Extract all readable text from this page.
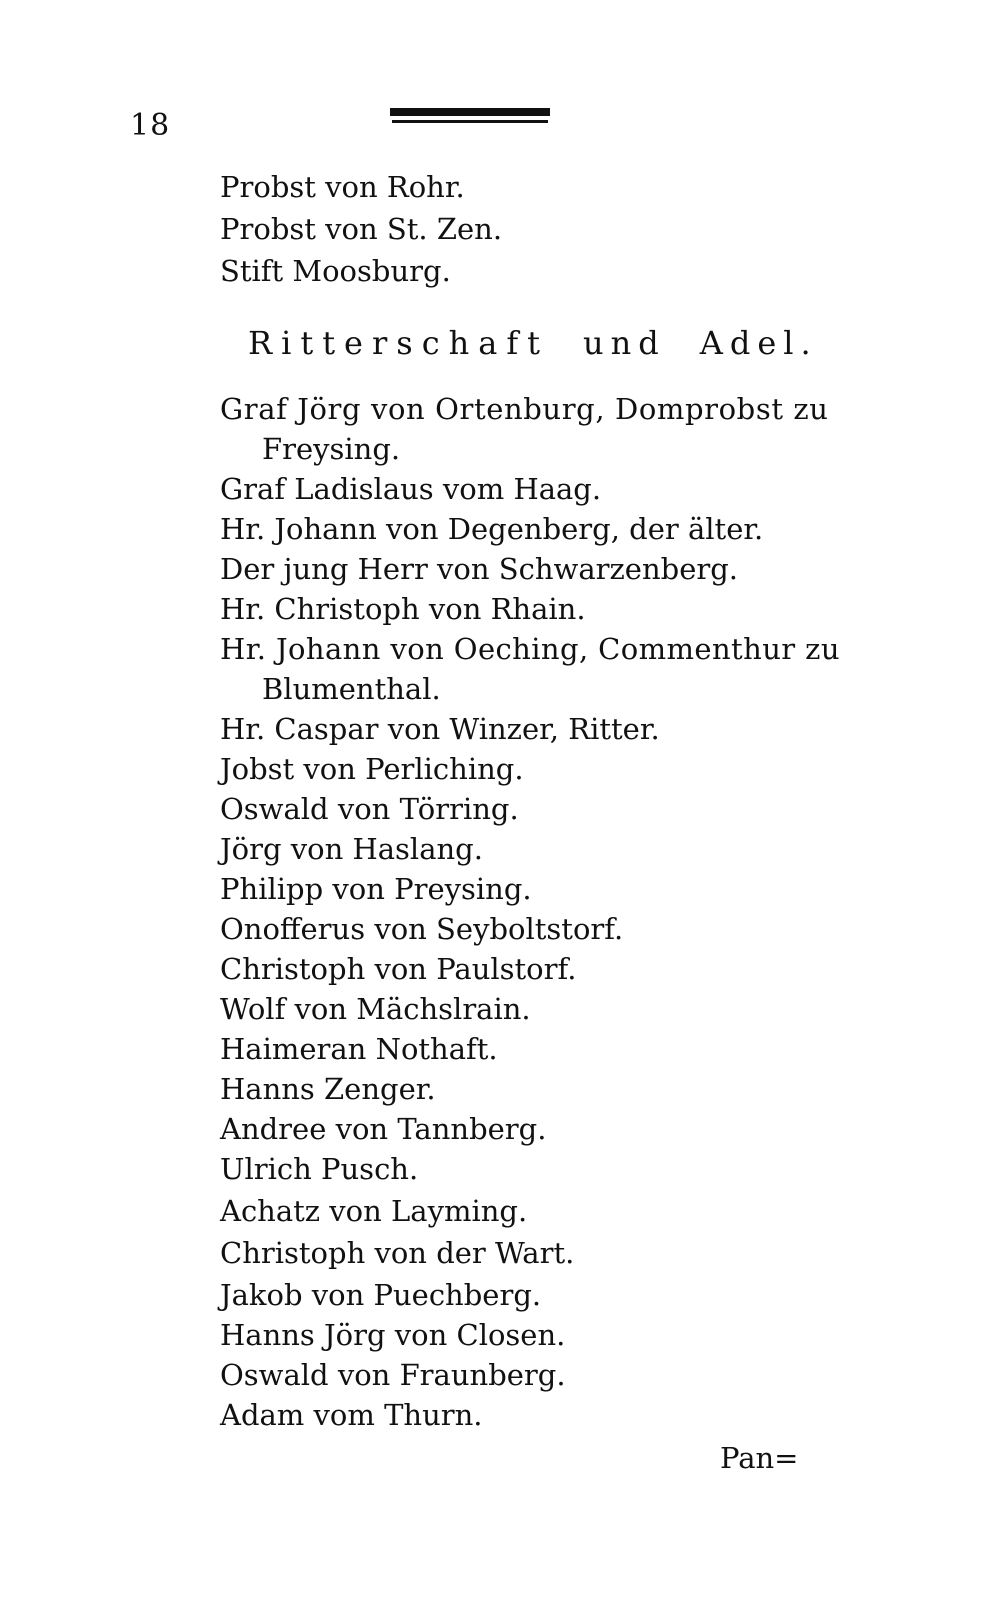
18
Probst von Rohr.
Probst von St. Zen.
Stift Moosburg.
Ritterschaft und Adel.
Graf Jörg von Ortenburg, Domprobst zu
Freysing.
Graf Ladislaus vom Haag.
Hr. Johann von Degenberg, der älter.
Der jung Herr von Schwarzenberg.
Hr. Christoph von Rhain.
Hr. Johann von Oeching, Commenthur zu
Blumenthal.
Hr. Caspar von Winzer, Ritter.
Jobst von Perliching.
Oswald von Törring.
Jörg von Haslang.
Philipp von Preysing.
Onofferus von Seyboltstorf.
Christoph von Paulstorf.
Wolf von Mächslrain.
Haimeran Nothaft.
Hanns Zenger.
Andree von Tannberg.
Ulrich Pusch.
Achatz von Layming.
Christoph von der Wart.
Jakob von Puechberg.
Hanns Jörg von Closen.
Oswald von Fraunberg.
Adam vom Thurn.
Pan=
